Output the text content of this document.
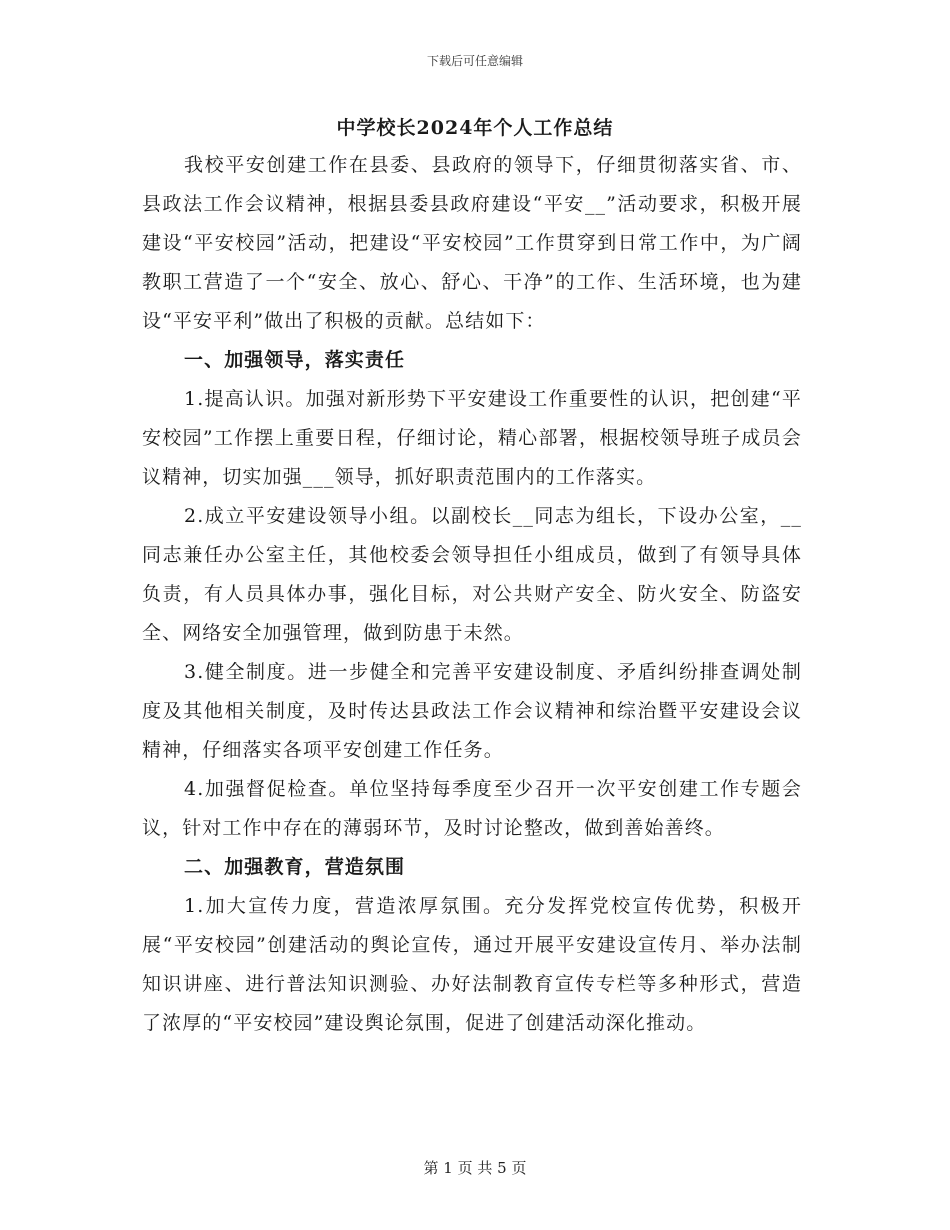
下载后可任意编辑
中学校长2024年个人工作总结

我校平安创建工作在县委、县政府的领导下，仔细贯彻落实省、市、县政法工作会议精神，根据县委县政府建设“平安__”活动要求，积极开展建设“平安校园”活动，把建设“平安校园”工作贯穿到日常工作中，为广阔教职工营造了一个“安全、放心、舒心、干净”的工作、生活环境，也为建设“平安平利”做出了积极的贡献。总结如下：

一、加强领导，落实责任

1.提高认识。加强对新形势下平安建设工作重要性的认识，把创建“平安校园”工作摆上重要日程，仔细讨论，精心部署，根据校领导班子成员会议精神，切实加强___领导，抓好职责范围内的工作落实。

2.成立平安建设领导小组。以副校长__同志为组长，下设办公室，__同志兼任办公室主任，其他校委会领导担任小组成员，做到了有领导具体负责，有人员具体办事，强化目标，对公共财产安全、防火安全、防盗安全、网络安全加强管理，做到防患于未然。

3.健全制度。进一步健全和完善平安建设制度、矛盾纠纷排查调处制度及其他相关制度，及时传达县政法工作会议精神和综治暨平安建设会议精神，仔细落实各项平安创建工作任务。

4.加强督促检查。单位坚持每季度至少召开一次平安创建工作专题会议，针对工作中存在的薄弱环节，及时讨论整改，做到善始善终。

二、加强教育，营造氛围

1.加大宣传力度，营造浓厚氛围。充分发挥党校宣传优势，积极开展“平安校园”创建活动的舆论宣传，通过开展平安建设宣传月、举办法制知识讲座、进行普法知识测验、办好法制教育宣传专栏等多种形式，营造了浓厚的“平安校园”建设舆论氛围，促进了创建活动深化推动。

第 1 页 共 5 页
